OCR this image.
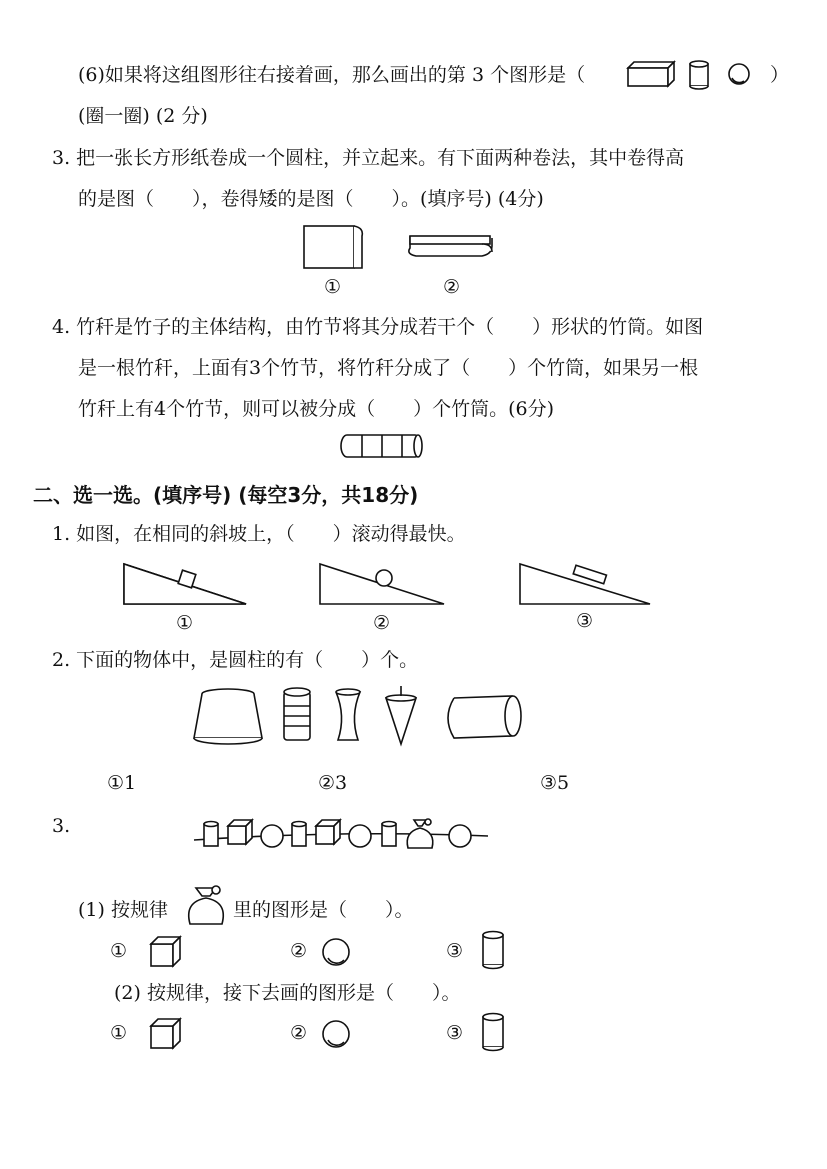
(6)如果将这组图形往右接着画，那么画出的第 3 个图形是（	）
(圈一圈) (2 分)
3. 把一张长方形纸卷成一个圆柱，并立起来。有下面两种卷法，其中卷得高
的是图（　　），卷得矮的是图（　　）。(填序号) (4分)
①	②
4. 竹秆是竹子的主体结构，由竹节将其分成若干个（　　）形状的竹筒。如图
是一根竹秆，上面有3个竹节，将竹秆分成了（　　）个竹筒，如果另一根
竹秆上有4个竹节，则可以被分成（　　）个竹筒。(6分)
二、选一选。(填序号) (每空3分，共18分)
1. 如图，在相同的斜坡上，（　　）滚动得最快。
①	②	③
2. 下面的物体中，是圆柱的有（　　）个。
①1	②3	③5
3.
(1) 按规律	里的图形是（　　）。
①	②	③
(2) 按规律，接下去画的图形是（　　）。
①	②	③
